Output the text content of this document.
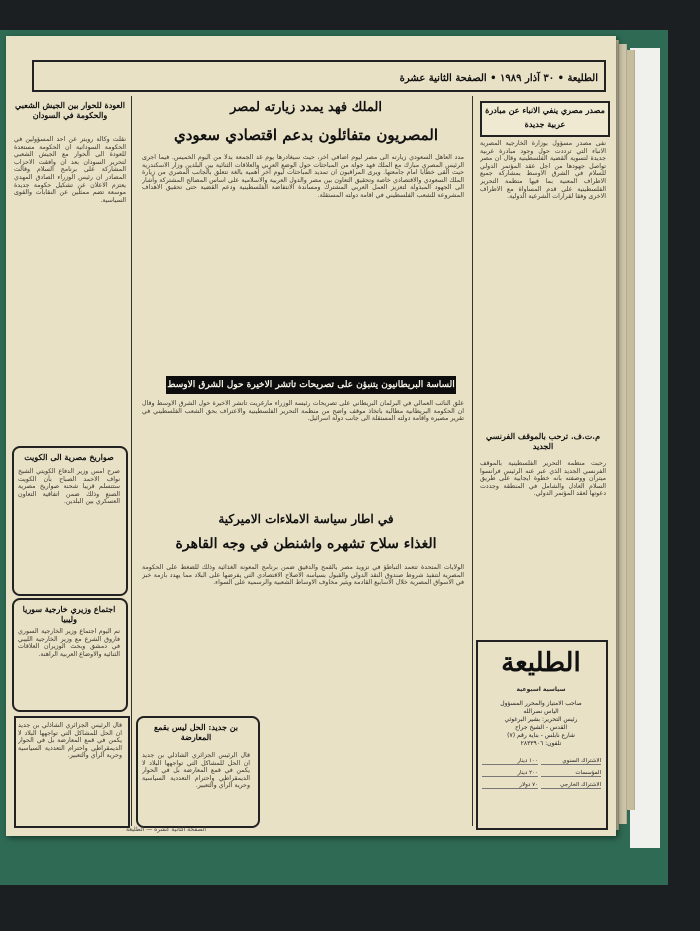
الطليعة • ٣٠ آذار ١٩٨٩ • الصفحة الثانية عشرة
الملك فهد يمدد زيارته لمصر
المصريون متفائلون بدعم اقتصادي سعودي
مدد العاهل السعودي زيارته الى مصر ليوم اضافي آخر، حيث سيغادرها يوم غد الجمعة بدلا من اليوم الخميس. فيما اجرى الرئيس المصري مبارك مع الملك فهد جولة من المباحثات حول الوضع العربي والعلاقات الثنائية بين البلدين وزار الاسكندرية حيث القى خطابا امام جامعتها. ويرى المراقبون ان تمديد المباحثات ليوم آخر أهمية بالغة تتعلق بالجانب المصري من زيارة الملك السعودي والاقتصادي خاصة وتحقيق التعاون بين مصر والدول العربية والاسلامية على اساس المصالح المشتركة وأشار الى الجهود المبذولة لتعزيز العمل العربي المشترك ومساندة الانتفاضة الفلسطينية ودعم القضية حتى تحقيق الاهداف المشروعة للشعب الفلسطيني في اقامة دولته المستقلة.
الساسة البريطانيون يتنبؤن على تصريحات تاتشر الاخيرة حول الشرق الاوسط
علق النائب العمالي في البرلمان البريطاني على تصريحات رئيسة الوزراء مارغريت تاتشر الاخيرة حول الشرق الاوسط وقال ان الحكومة البريطانية مطالبة باتخاذ موقف واضح من منظمة التحرير الفلسطينية والاعتراف بحق الشعب الفلسطيني في تقرير مصيره واقامة دولته المستقلة الى جانب دولة اسرائيل.
في اطار سياسة الاملاءات الاميركية
الغذاء سلاح تشهره واشنطن في وجه القاهرة
الولايات المتحدة تتعمد التباطؤ في تزويد مصر بالقمح والدقيق ضمن برنامج المعونة الغذائية وذلك للضغط على الحكومة المصرية لتنفيذ شروط صندوق النقد الدولي والقبول بسياسة الاصلاح الاقتصادي التي يفرضها على البلاد مما يهدد بازمة خبز في الاسواق المصرية خلال الاسابيع القادمة ويثير مخاوف الاوساط الشعبية والرسمية على السواء.
مصدر مصري ينفي الانباء عن مبادرة عربية جديدة
نفى مصدر مسؤول بوزارة الخارجية المصرية الانباء التي ترددت حول وجود مبادرة عربية جديدة لتسوية القضية الفلسطينية وقال ان مصر تواصل جهودها من اجل عقد المؤتمر الدولي للسلام في الشرق الاوسط بمشاركة جميع الاطراف المعنية بما فيها منظمة التحرير الفلسطينية على قدم المساواة مع الاطراف الاخرى وفقا لقرارات الشرعية الدولية.
م.ت.ف. ترحب بالموقف الفرنسي الجديد
رحبت منظمة التحرير الفلسطينية بالموقف الفرنسي الجديد الذي عبر عنه الرئيس فرانسوا ميتران ووصفته بانه خطوة ايجابية على طريق السلام العادل والشامل في المنطقة وجددت دعوتها لعقد المؤتمر الدولي.
الطليعة
سياسية اسبوعية
صاحب الامتياز والمحرر المسؤول
الياس نصرالله
رئيس التحرير: بشير البرغوثي
القدس - الشيخ جراح
شارع نابلس - بناية رقم (٧)
تلفون: ٢٨٣٣٩٠٦
الاشتراك السنوي
١٠٠ دينار
المؤسسات
٢٠٠ دينار
الاشتراك الخارجي
٧٠ دولار
العودة للحوار بين الجيش الشعبي والحكومة في السودان
نقلت وكالة رويتر عن احد المسؤولين في الحكومة السودانية ان الحكومة مستعدة للعودة الى الحوار مع الجيش الشعبي لتحرير السودان بعد ان وافقت الاحزاب المشاركة على برنامج السلام وقالت المصادر ان رئيس الوزراء الصادق المهدي يعتزم الاعلان عن تشكيل حكومة جديدة موسعة تضم ممثلين عن النقابات والقوى السياسية.
صواريخ مصرية الى الكويت
صرح امس وزير الدفاع الكويتي الشيخ نواف الاحمد الصباح بأن الكويت ستتسلم قريبا شحنة صواريخ مصرية الصنع وذلك ضمن اتفاقية التعاون العسكري بين البلدين.
اجتماع وزيري خارجية سوريا وليبيا
تم اليوم اجتماع وزير الخارجية السوري فاروق الشرع مع وزير الخارجية الليبي في دمشق وبحث الوزيران العلاقات الثنائية والاوضاع العربية الراهنة.
قال الرئيس الجزائري الشاذلي بن جديد ان الحل للمشاكل التي تواجهها البلاد لا يكمن في قمع المعارضة بل في الحوار الديمقراطي واحترام التعددية السياسية وحرية الرأي والتعبير.
بن جديد: الحل ليس بقمع المعارضة
قال الرئيس الجزائري الشاذلي بن جديد ان الحل للمشاكل التي تواجهها البلاد لا يكمن في قمع المعارضة بل في الحوار الديمقراطي واحترام التعددية السياسية وحرية الرأي والتعبير.
الصفحة الثانية عشرة — الطليعة
